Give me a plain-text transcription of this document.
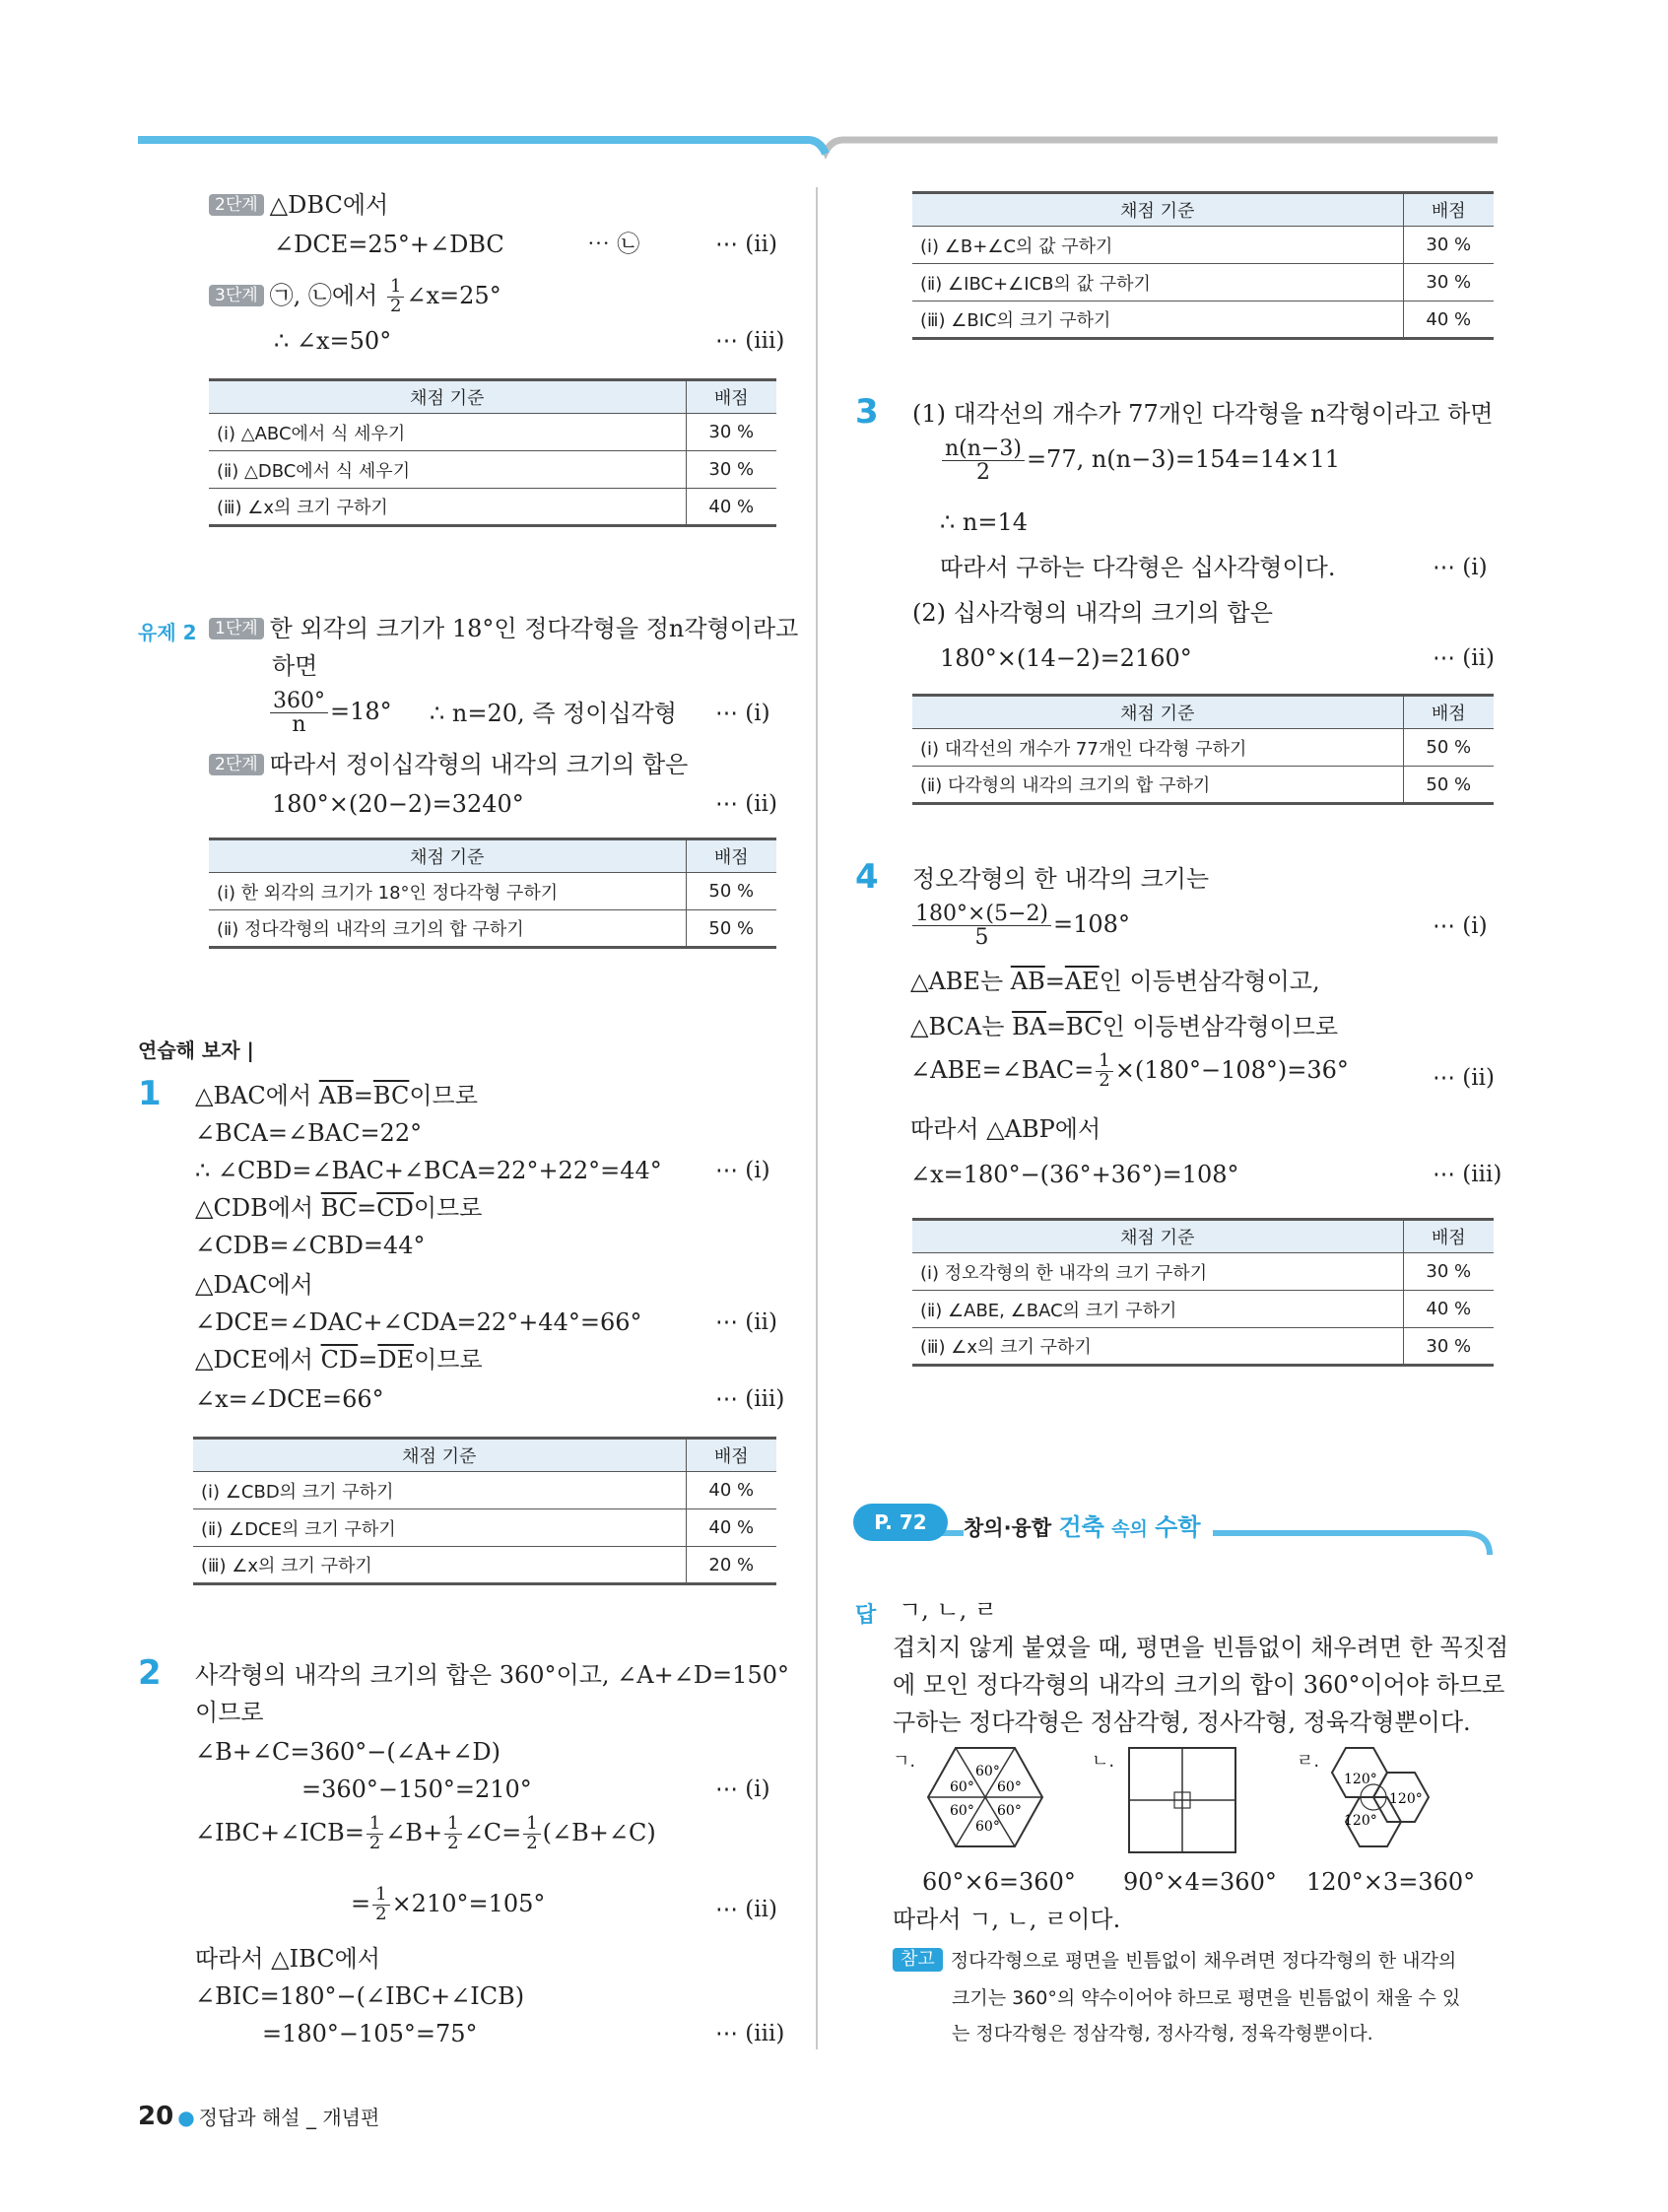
2단계 △DBC에서
∠DCE=25°+∠DBC	⋯ ㉡	⋯ (ⅱ)
3단계 ㉠, ㉡에서 $\frac{1}{2}$ ∠x=25°
∴ ∠x=50°	⋯ (ⅲ)
채점 기준	배점
(ⅰ) △ABC에서 식 세우기	30 %
(ⅱ) △DBC에서 식 세우기	30 %
(ⅲ) ∠x의 크기 구하기	40 %
유제 2	1단계 한 외각의 크기가 18°인 정다각형을 정n각형이라고
하면
$\frac{360^\circ}{n} =18^\circ$ ∴ n=20, 즉 정이십각형 ⋯ (ⅰ)
2단계 따라서 정이십각형의 내각의 크기의 합은
180°×(20−2)=3240°	⋯ (ⅱ)
채점 기준	배점
(ⅰ) 한 외각의 크기가 18°인 정다각형 구하기	50 %
(ⅱ) 정다각형의 내각의 크기의 합 구하기	50 %
연습해 보자 |
1 △BAC에서 $\overline{AB}=\overline{BC}$이므로
∠BCA=∠BAC=22°
∴ ∠CBD=∠BAC+∠BCA=22°+22°=44° ⋯ (ⅰ)
△CDB에서 $\overline{BC}=\overline{CD}$이므로
∠CDB=∠CBD=44°
△DAC에서
∠DCE=∠DAC+∠CDA=22°+44°=66°	⋯ (ⅱ)
△DCE에서 $\overline{CD}=\overline{DE}$이므로
∠x=∠DCE=66°	⋯ (ⅲ)
채점 기준	배점
(ⅰ) ∠CBD의 크기 구하기	40 %
(ⅱ) ∠DCE의 크기 구하기	40 %
(ⅲ) ∠x의 크기 구하기	20 %
2 사각형의 내각의 크기의 합은 360°이고, ∠A+∠D=150°
이므로
∠B+∠C=360°−(∠A+∠D)
=360°−150°=210°	⋯ (ⅰ)
∠IBC+∠ICB= $\frac{1}{2}$ ∠B+ $\frac{1}{2}$ ∠C= $\frac{1}{2}$ (∠B+∠C)
= $\frac{1}{2} \times 210^\circ=105^\circ$	⋯ (ⅱ)
따라서 △IBC에서
∠BIC=180°−(∠IBC+∠ICB)
=180°−105°=75°	⋯ (ⅲ)
채점 기준	배점
(ⅰ) ∠B+∠C의 값 구하기	30 %
(ⅱ) ∠IBC+∠ICB의 값 구하기	30 %
(ⅲ) ∠BIC의 크기 구하기	40 %
3 (1) 대각선의 개수가 77개인 다각형을 n각형이라고 하면
$\frac{n(n-3)}{2} =77$, n(n−3)=154=14×11
∴ n=14
따라서 구하는 다각형은 십사각형이다.	⋯ (ⅰ)
(2) 십사각형의 내각의 크기의 합은
180°×(14−2)=2160°	⋯ (ⅱ)
채점 기준	배점
(ⅰ) 대각선의 개수가 77개인 다각형 구하기	50 %
(ⅱ) 다각형의 내각의 크기의 합 구하기	50 %
4 정오각형의 한 내각의 크기는
$\frac{180^\circ\times(5-2)}{5} =108^\circ$	⋯ (ⅰ)
△ABE는 $\overline{AB}=\overline{AE}$인 이등변삼각형이고,
△BCA는 $\overline{BA}=\overline{BC}$인 이등변삼각형이므로
∠ABE=∠BAC= $\frac{1}{2} \times(180^\circ-108^\circ)=36^\circ$	⋯ (ⅱ)
따라서 △ABP에서
∠x=180°−(36°+36°)=108°	⋯ (ⅲ)
채점 기준	배점
(ⅰ) 정오각형의 한 내각의 크기 구하기	30 %
(ⅱ) ∠ABE, ∠BAC의 크기 구하기	40 %
(ⅲ) ∠x의 크기 구하기	30 %
P. 72	창의·융합 건축 속의 수학
답 ㄱ, ㄴ, ㄹ
겹치지 않게 붙였을 때, 평면을 빈틈없이 채우려면 한 꼭짓점
에 모인 정다각형의 내각의 크기의 합이 360°이어야 하므로
구하는 정다각형은 정삼각형, 정사각형, 정육각형뿐이다.
ㄱ.	60°
60° 60°
60° 60°
60°
ㄴ.	ㄹ.
120°
120°
120°
60°×6=360° 90°×4=360° 120°×3=360°
따라서 ㄱ, ㄴ, ㄹ이다.
참고 정다각형으로 평면을 빈틈없이 채우려면 정다각형의 한 내각의
크기는 360°의 약수이어야 하므로 평면을 빈틈없이 채울 수 있
는 정다각형은 정삼각형, 정사각형, 정육각형뿐이다.
20 ● 정답과 해설 _ 개념편
